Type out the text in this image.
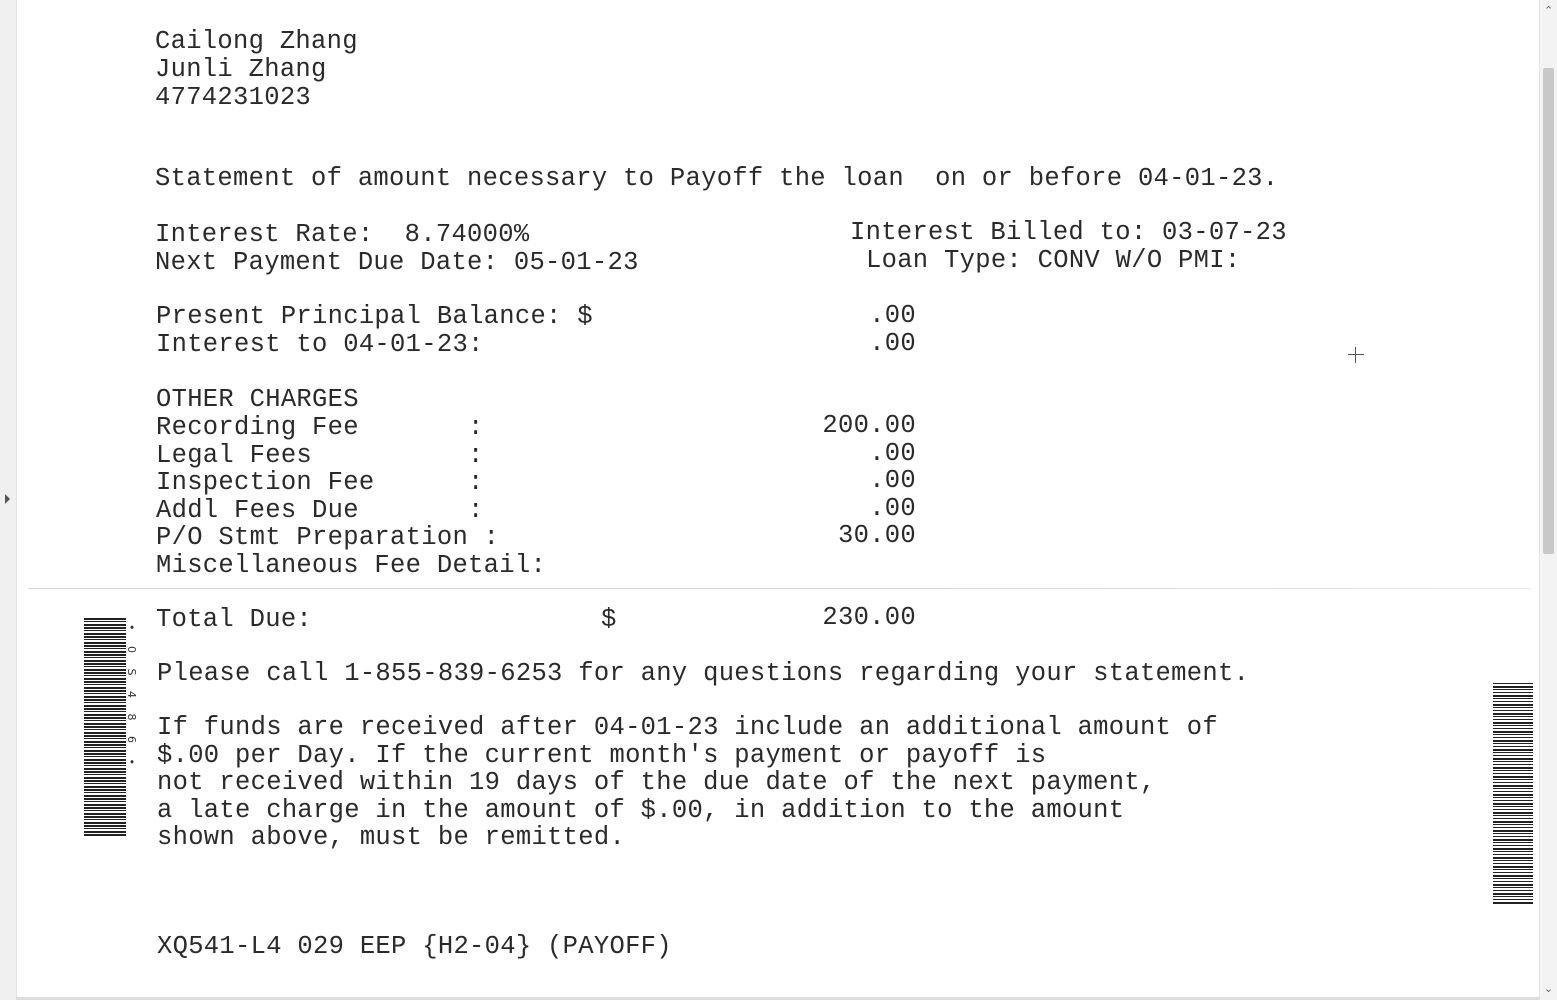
⌃
⌄
Cailong Zhang
Junli Zhang
4774231023
Statement of amount necessary to Payoff the loan  on or before 04-01-23.
Interest Rate:  8.74000%
Next Payment Due Date: 05-01-23
Interest Billed to: 03-07-23
Loan Type: CONV W/O PMI:
Present Principal Balance: $	.00
Interest to 04-01-23:	.00
OTHER CHARGES
Recording Fee       :	200.00
Legal Fees          :	.00
Inspection Fee      :	.00
Addl Fees Due       :	.00
P/O Stmt Preparation :	30.00
Miscellaneous Fee Detail:
Total Due:	$	230.00
Please call 1-855-839-6253 for any questions regarding your statement.
If funds are received after 04-01-23 include an additional amount of
$.00 per Day. If the current month's payment or payoff is
not received within 19 days of the due date of the next payment,
a late charge in the amount of $.00, in addition to the amount
shown above, must be remitted.
XQ541-L4 029 EEP {H2-04} (PAYOFF)
• 0 S 4 8 6 •
